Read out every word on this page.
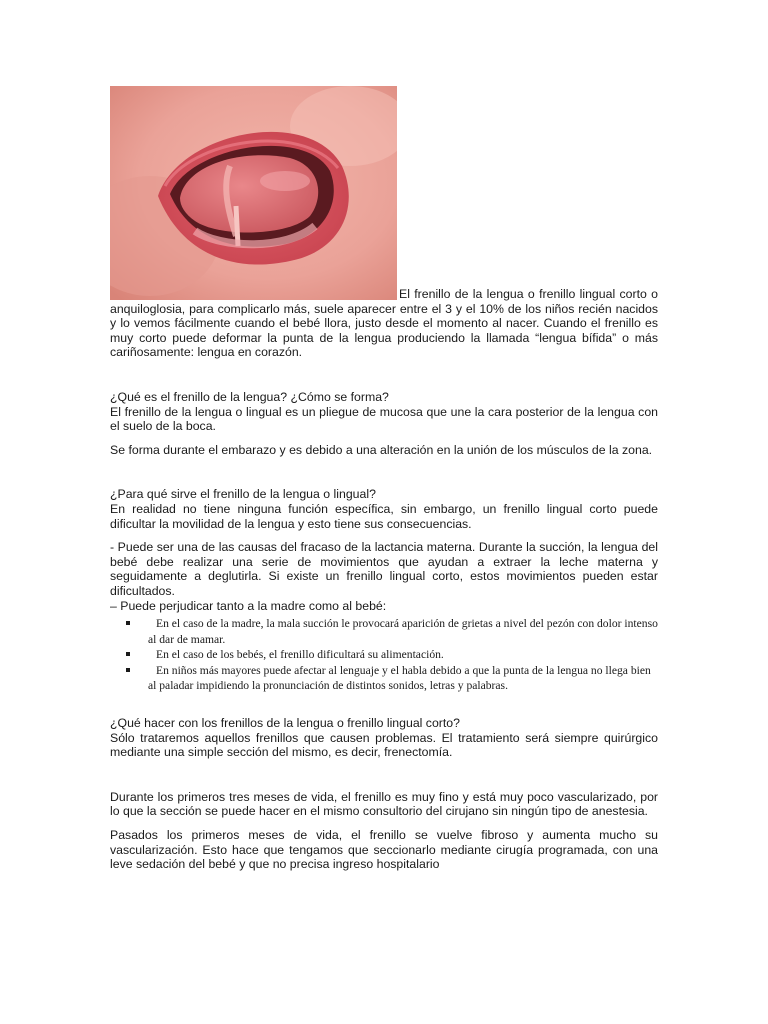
El frenillo de la lengua o frenillo lingual corto o anquiloglosia, para complicarlo más, suele aparecer entre el 3 y el 10% de los niños recién nacidos y lo vemos fácilmente cuando el bebé llora, justo desde el momento al nacer. Cuando el frenillo es muy corto puede deformar la punta de la lengua produciendo la llamada “lengua bífida” o más cariñosamente: lengua en corazón.

¿Qué es el frenillo de la lengua? ¿Cómo se forma?

El frenillo de la lengua o lingual es un pliegue de mucosa que une la cara posterior de la lengua con el suelo de la boca.

Se forma durante el embarazo y es debido a una alteración en la unión de los músculos de la zona.

¿Para qué sirve el frenillo de la lengua o lingual?

En realidad no tiene ninguna función específica, sin embargo, un frenillo lingual corto puede dificultar la movilidad de la lengua y esto tiene sus consecuencias.

- Puede ser una de las causas del fracaso de la lactancia materna. Durante la succión, la lengua del bebé debe realizar una serie de movimientos que ayudan a extraer la leche materna y seguidamente a deglutirla. Si existe un frenillo lingual corto, estos movimientos pueden estar dificultados.

– Puede perjudicar tanto a la madre como al bebé:

En el caso de la madre, la mala succión le provocará aparición de grietas a nivel del pezón con dolor intenso al dar de mamar.
En el caso de los bebés, el frenillo dificultará su alimentación.
En niños más mayores puede afectar al lenguaje y el habla debido a que la punta de la lengua no llega bien al paladar impidiendo la pronunciación de distintos sonidos, letras y palabras.

¿Qué hacer con los frenillos de la lengua o frenillo lingual corto?

Sólo trataremos aquellos frenillos que causen problemas. El tratamiento será siempre quirúrgico mediante una simple sección del mismo, es decir, frenectomía.

Durante los primeros tres meses de vida, el frenillo es muy fino y está muy poco vascularizado, por lo que la sección se puede hacer en el mismo consultorio del cirujano sin ningún tipo de anestesia.

Pasados los primeros meses de vida, el frenillo se vuelve fibroso y aumenta mucho su vascularización. Esto hace que tengamos que seccionarlo mediante cirugía programada, con una leve sedación del bebé y que no precisa ingreso hospitalario
